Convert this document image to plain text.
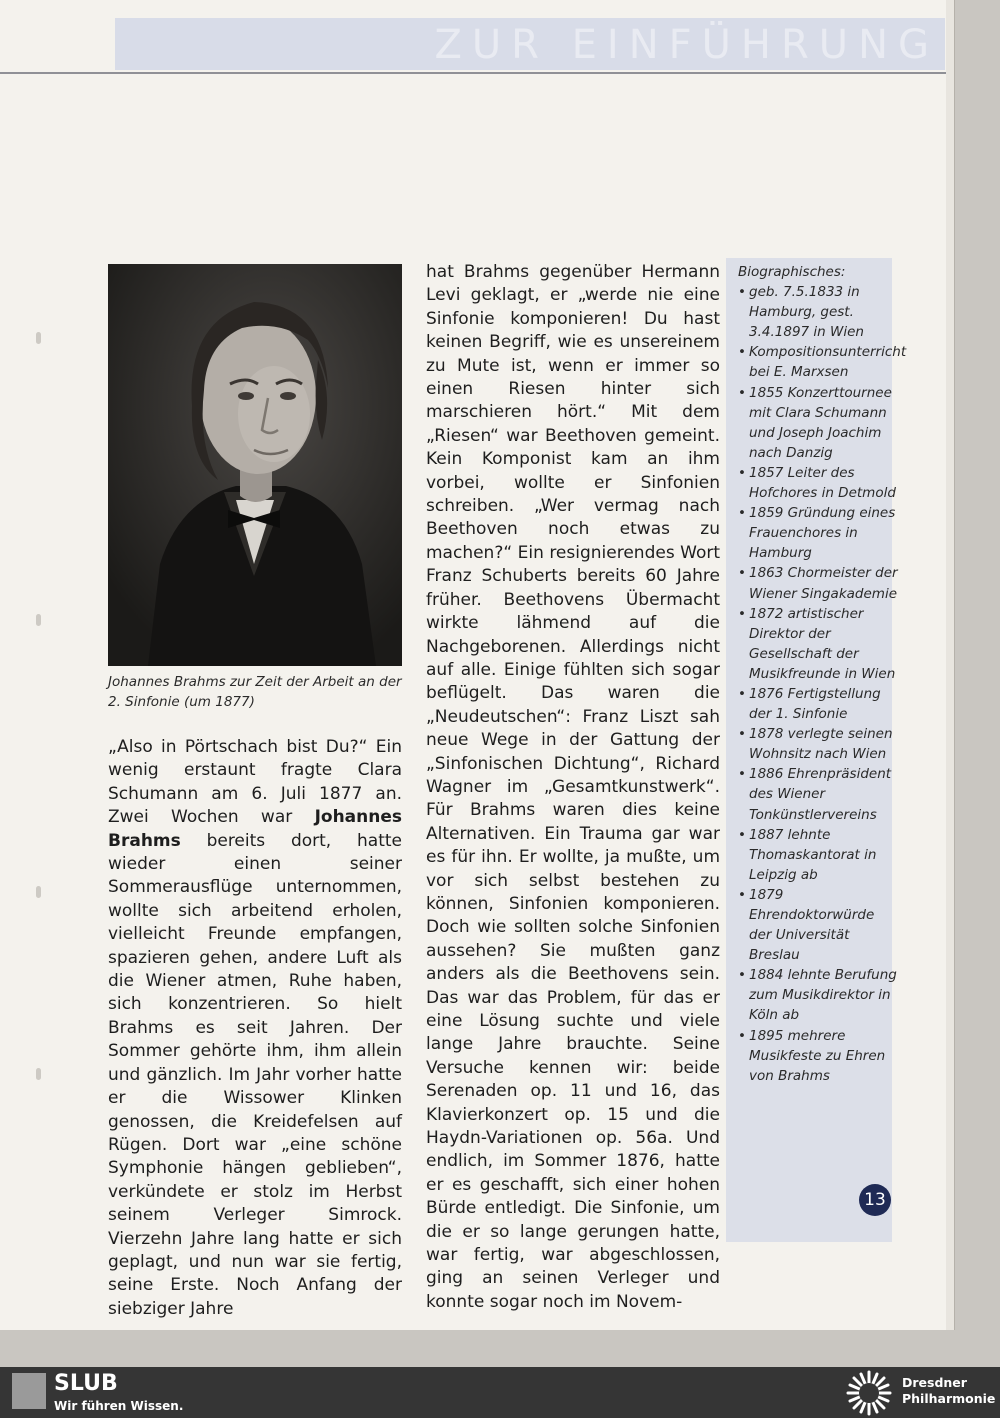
ZUR EINFÜHRUNG
Johannes Brahms zur Zeit der Arbeit an der 2. Sinfonie (um 1877)
„Also in Pörtschach bist Du?“ Ein wenig erstaunt fragte Clara Schumann am 6. Juli 1877 an. Zwei Wochen war Johannes Brahms bereits dort, hatte wieder einen seiner Sommerausflüge unternommen, wollte sich arbeitend erholen, vielleicht Freunde empfangen, spazieren gehen, andere Luft als die Wiener atmen, Ruhe haben, sich konzentrieren. So hielt Brahms es seit Jahren. Der Sommer gehörte ihm, ihm allein und gänzlich. Im Jahr vorher hatte er die Wissower Klinken genossen, die Kreidefelsen auf Rügen. Dort war „eine schöne Symphonie hängen geblieben“, verkündete er stolz im Herbst seinem Verleger Simrock. Vierzehn Jahre lang hatte er sich geplagt, und nun war sie fertig, seine Erste. Noch Anfang der siebziger Jahre
hat Brahms gegenüber Hermann Levi geklagt, er „werde nie eine Sinfonie komponieren! Du hast keinen Begriff, wie es unsereinem zu Mute ist, wenn er immer so einen Riesen hinter sich marschieren hört.“ Mit dem „Riesen“ war Beethoven gemeint. Kein Komponist kam an ihm vorbei, wollte er Sinfonien schreiben. „Wer vermag nach Beethoven noch etwas zu machen?“ Ein resignierendes Wort Franz Schuberts bereits 60 Jahre früher. Beethovens Übermacht wirkte lähmend auf die Nachgeborenen. Allerdings nicht auf alle. Einige fühlten sich sogar beflügelt. Das waren die „Neudeutschen“: Franz Liszt sah neue Wege in der Gattung der „Sinfonischen Dichtung“, Richard Wagner im „Gesamtkunstwerk“. Für Brahms waren dies keine Alternativen. Ein Trauma gar war es für ihn. Er wollte, ja mußte, um vor sich selbst bestehen zu können, Sinfonien komponieren. Doch wie sollten solche Sinfonien aussehen? Sie mußten ganz anders als die Beethovens sein. Das war das Problem, für das er eine Lösung suchte und viele lange Jahre brauchte. Seine Versuche kennen wir: beide Serenaden op. 11 und 16, das Klavierkonzert op. 15 und die Haydn-Variationen op. 56a. Und endlich, im Sommer 1876, hatte er es geschafft, sich einer hohen Bürde entledigt. Die Sinfonie, um die er so lange gerungen hatte, war fertig, war abgeschlossen, ging an seinen Verleger und konnte sogar noch im Novem-
Biographisches:
• geb. 7.5.1833 in Hamburg, gest. 3.4.1897 in Wien
• Kompositionsunterricht bei E. Marxsen
• 1855 Konzerttournee mit Clara Schumann und Joseph Joachim nach Danzig
• 1857 Leiter des Hofchores in Detmold
• 1859 Gründung eines Frauenchores in Hamburg
• 1863 Chormeister der Wiener Singakademie
• 1872 artistischer Direktor der Gesellschaft der Musikfreunde in Wien
• 1876 Fertigstellung der 1. Sinfonie
• 1878 verlegte seinen Wohnsitz nach Wien
• 1886 Ehrenpräsident des Wiener Tonkünstlervereins
• 1887 lehnte Thomaskantorat in Leipzig ab
• 1879 Ehrendoktorwürde der Universität Breslau
• 1884 lehnte Berufung zum Musikdirektor in Köln ab
• 1895 mehrere Musikfeste zu Ehren von Brahms
13
SLUB
Wir führen Wissen.
Dresdner
Philharmonie
